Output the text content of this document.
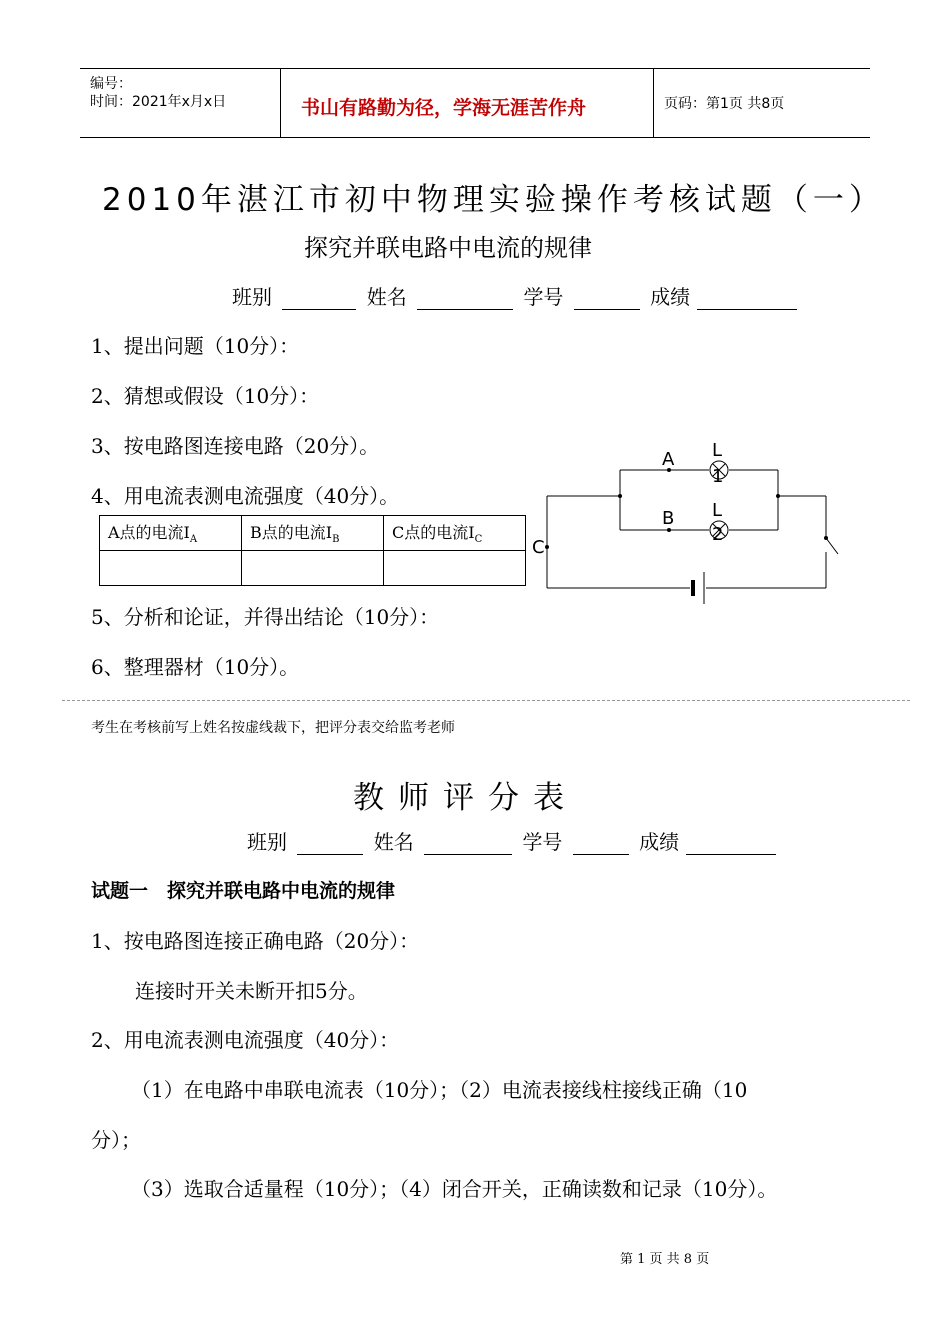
编号：
时间：2021年x月x日	书山有路勤为径，学海无涯苦作舟	页码：第1页 共8页
2010年湛江市初中物理实验操作考核试题（一）
探究并联电路中电流的规律
班别	姓名	学号	成绩
1、提出问题（10分）：
2、猜想或假设（10分）：
3、按电路图连接电路（20分）。
4、用电流表测电流强度（40分）。
A点的电流$I_A$	B点的电流$I_B$	C点的电流$I_C$

5、分析和论证，并得出结论（10分）：
6、整理器材（10分）。
A
B
C
L
1
L
2
考生在考核前写上姓名按虚线裁下，把评分表交给监考老师
教师评分表
班别	姓名	学号	成绩
试题一　探究并联电路中电流的规律
1、按电路图连接正确电路（20分）：
连接时开关未断开扣5分。
2、用电流表测电流强度（40分）：
（1）在电路中串联电流表（10分）；（2）电流表接线柱接线正确（10
分）；
（3）选取合适量程（10分）；（4）闭合开关，正确读数和记录（10分）。
第 1 页 共 8 页
